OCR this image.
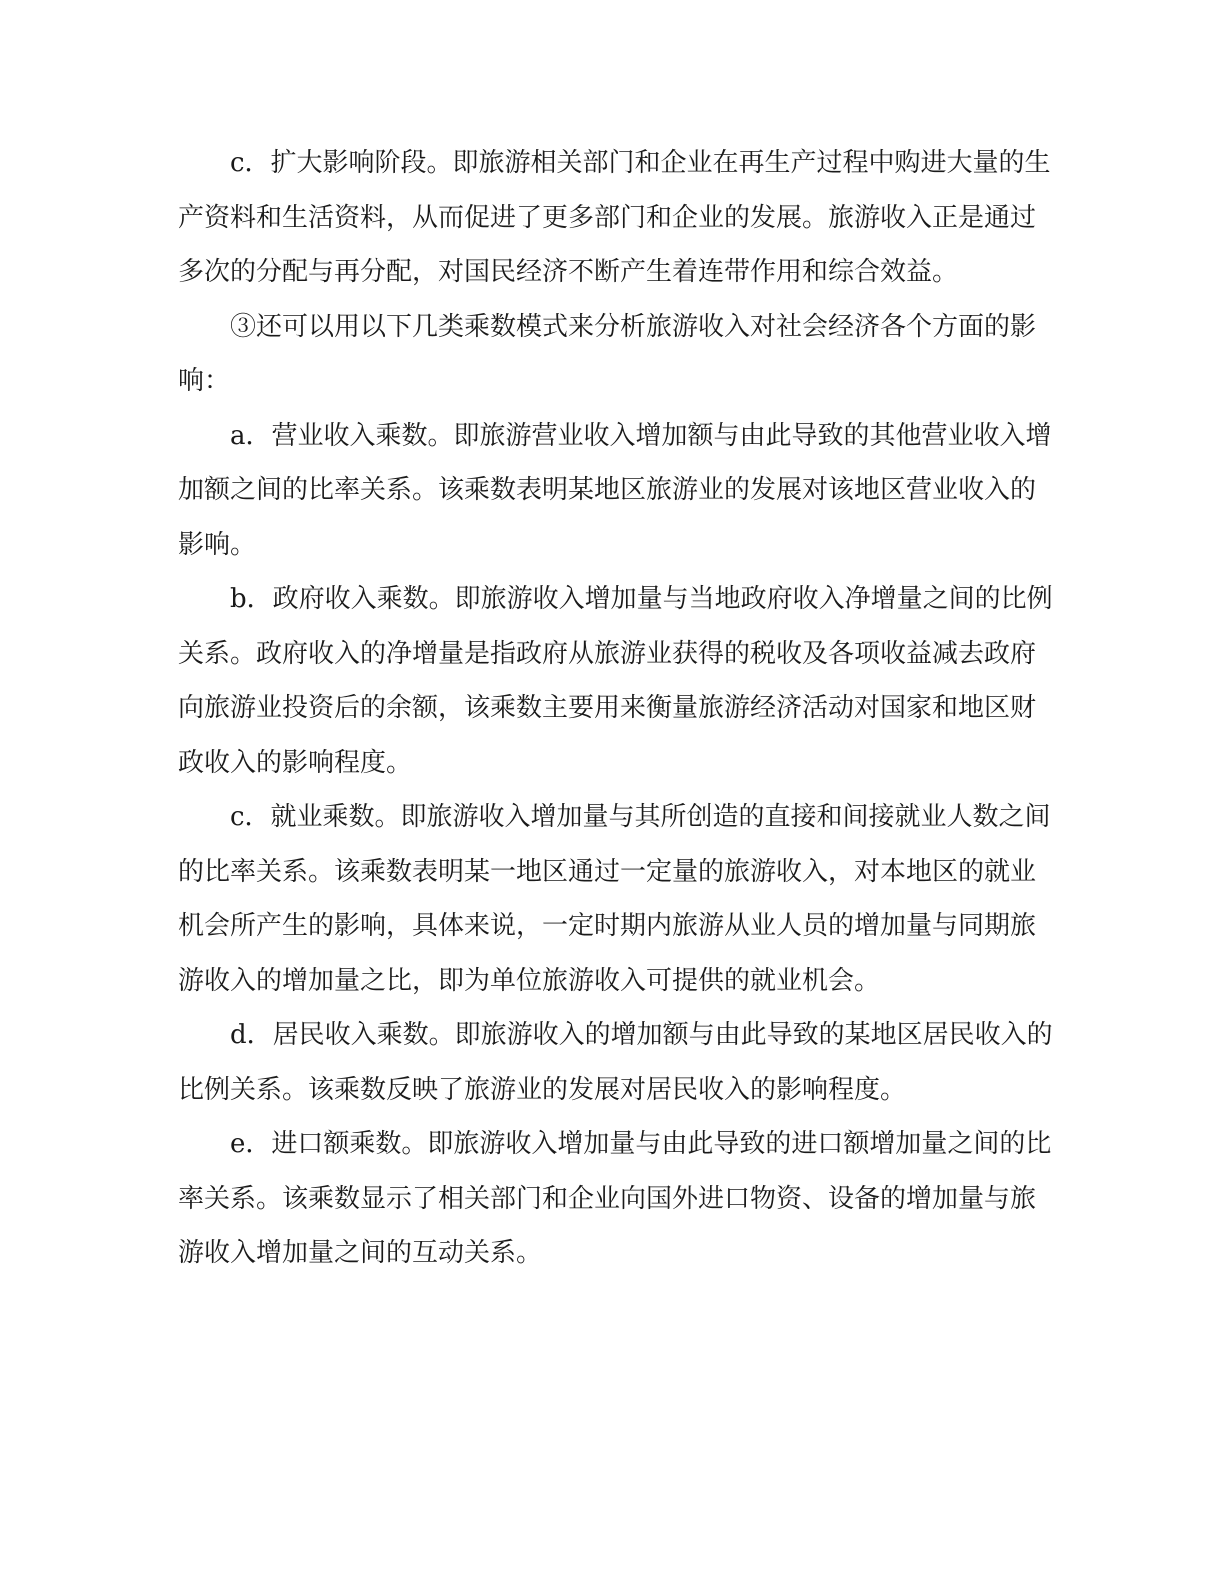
c．扩大影响阶段。即旅游相关部门和企业在再生产过程中购进大量的生产资料和生活资料，从而促进了更多部门和企业的发展。旅游收入正是通过多次的分配与再分配，对国民经济不断产生着连带作用和综合效益。

③还可以用以下几类乘数模式来分析旅游收入对社会经济各个方面的影响：

a．营业收入乘数。即旅游营业收入增加额与由此导致的其他营业收入增加额之间的比率关系。该乘数表明某地区旅游业的发展对该地区营业收入的影响。

b．政府收入乘数。即旅游收入增加量与当地政府收入净增量之间的比例关系。政府收入的净增量是指政府从旅游业获得的税收及各项收益减去政府向旅游业投资后的余额，该乘数主要用来衡量旅游经济活动对国家和地区财政收入的影响程度。

c．就业乘数。即旅游收入增加量与其所创造的直接和间接就业人数之间的比率关系。该乘数表明某一地区通过一定量的旅游收入，对本地区的就业机会所产生的影响，具体来说，一定时期内旅游从业人员的增加量与同期旅游收入的增加量之比，即为单位旅游收入可提供的就业机会。

d．居民收入乘数。即旅游收入的增加额与由此导致的某地区居民收入的比例关系。该乘数反映了旅游业的发展对居民收入的影响程度。

e．进口额乘数。即旅游收入增加量与由此导致的进口额增加量之间的比率关系。该乘数显示了相关部门和企业向国外进口物资、设备的增加量与旅游收入增加量之间的互动关系。
